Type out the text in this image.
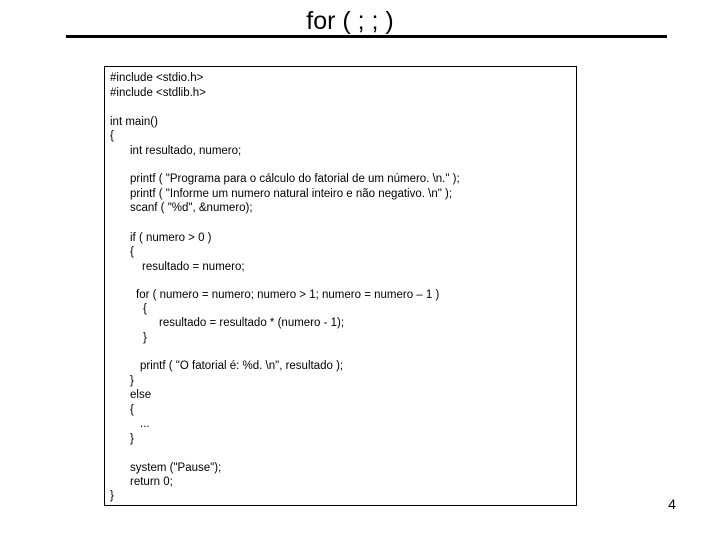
for ( ; ; )
#include <stdio.h>
#include <stdlib.h>
int main()
{
int resultado, numero;
printf ( "Programa para o cálculo do fatorial de um número. \n." );
printf ( "Informe um numero natural inteiro e não negativo. \n" );
scanf ( "%d", &numero);
if ( numero > 0 )
{
resultado = numero;
for ( numero = numero; numero > 1; numero = numero – 1 )
{
resultado = resultado * (numero - 1);
}
printf ( "O fatorial é: %d. \n", resultado );
}
else
{
...
}
system ("Pause");
return 0;
}	4
